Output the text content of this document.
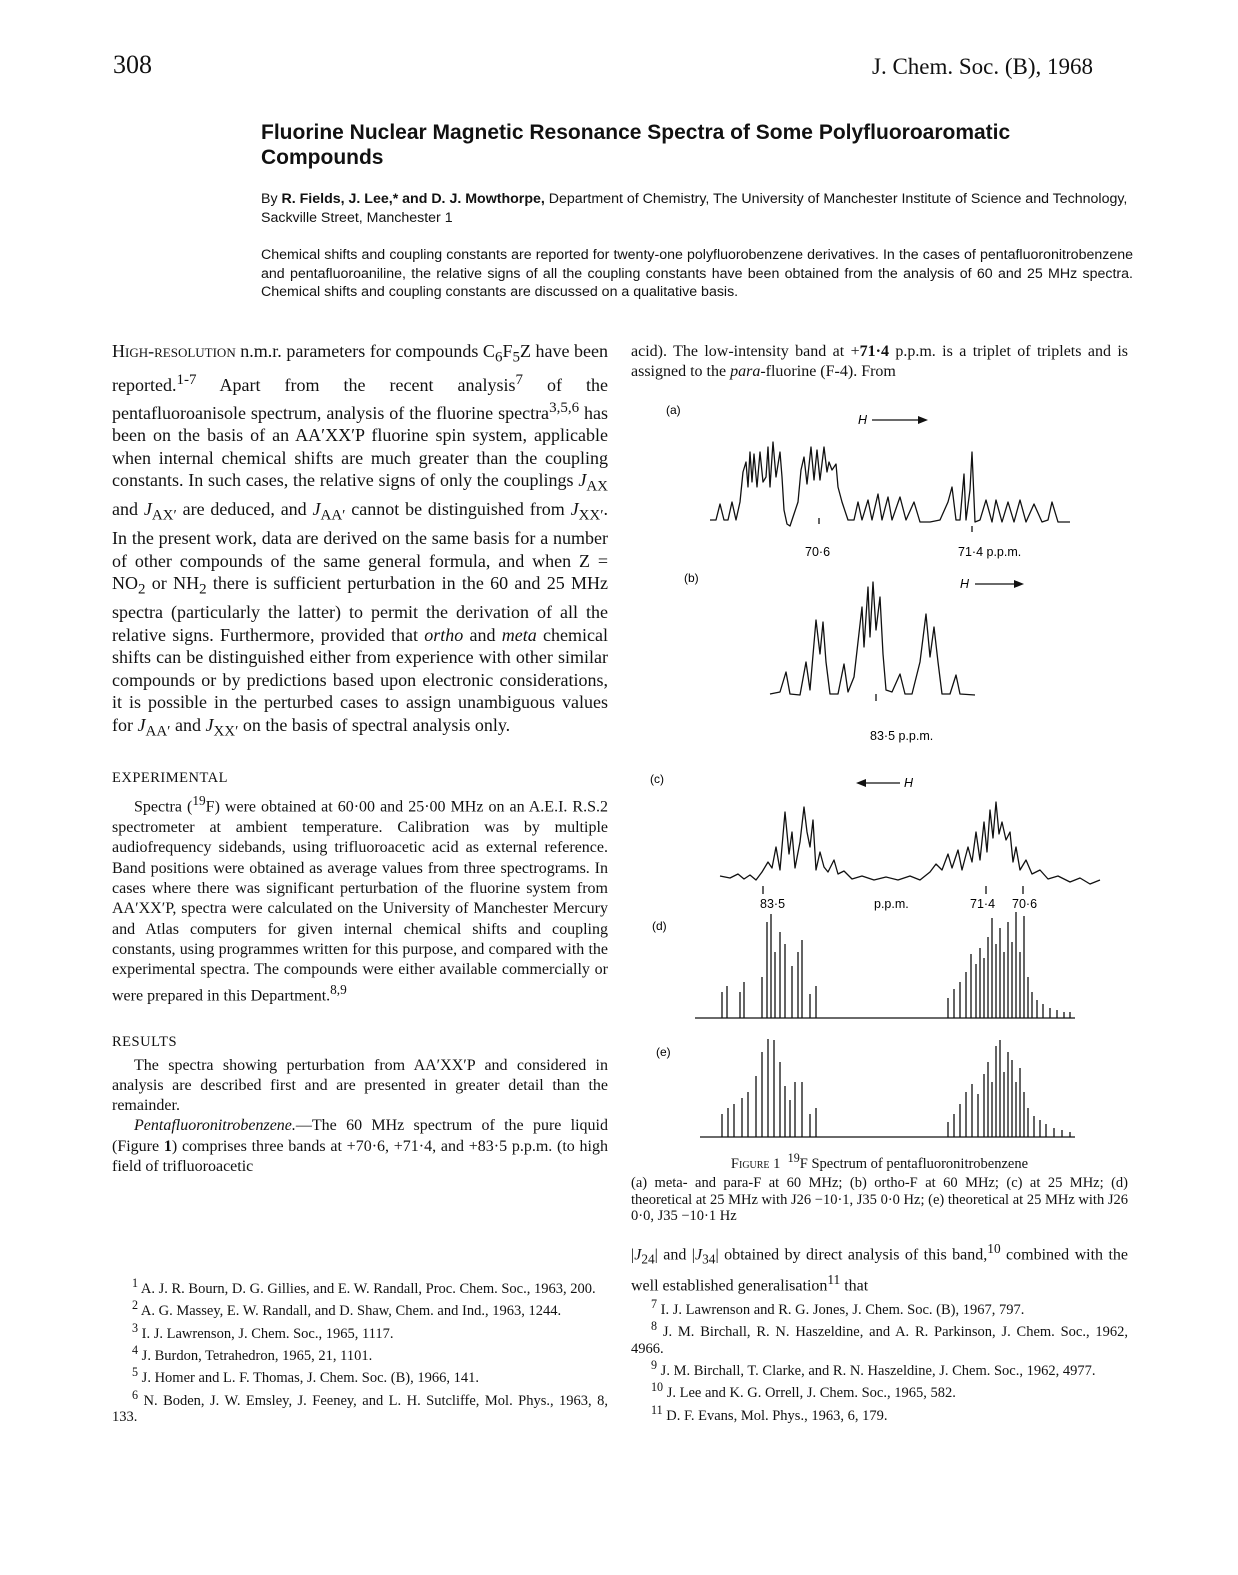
308	J. Chem. Soc. (B), 1968
Fluorine Nuclear Magnetic Resonance Spectra of Some Polyfluoroaromatic Compounds
By R. Fields, J. Lee,* and D. J. Mowthorpe, Department of Chemistry, The University of Manchester Institute of Science and Technology, Sackville Street, Manchester 1
Chemical shifts and coupling constants are reported for twenty-one polyfluorobenzene derivatives. In the cases of pentafluoronitrobenzene and pentafluoroaniline, the relative signs of all the coupling constants have been obtained from the analysis of 60 and 25 MHz spectra. Chemical shifts and coupling constants are discussed on a qualitative basis.

High-resolution n.m.r. parameters for compounds $C_6F_5Z$ have been reported.$^{1-7}$ Apart from the recent analysis$^7$ of the pentafluoroanisole spectrum, analysis of the fluorine spectra$^{3,5,6}$ has been on the basis of an AA′XX′P fluorine spin system, applicable when internal chemical shifts are much greater than the coupling constants. In such cases, the relative signs of only the couplings $J_{AX}$ and $J_{AX'}$ are deduced, and $J_{AA'}$ cannot be distinguished from $J_{XX'}$. In the present work, data are derived on the same basis for a number of other compounds of the same general formula, and when $Z = NO_2$ or $NH_2$ there is sufficient perturbation in the 60 and 25 MHz spectra (particularly the latter) to permit the derivation of all the relative signs. Furthermore, provided that ortho and meta chemical shifts can be distinguished either from experience with other similar compounds or by predictions based upon electronic considerations, it is possible in the perturbed cases to assign unambiguous values for $J_{AA'}$ and $J_{XX'}$ on the basis of spectral analysis only.

EXPERIMENTAL

Spectra ($^{19}$F) were obtained at 60·00 and 25·00 MHz on an A.E.I. R.S.2 spectrometer at ambient temperature. Calibration was by multiple audiofrequency sidebands, using trifluoroacetic acid as external reference. Band positions were obtained as average values from three spectrograms. In cases where there was significant perturbation of the fluorine system from AA′XX′P, spectra were calculated on the University of Manchester Mercury and Atlas computers for given internal chemical shifts and coupling constants, using programmes written for this purpose, and compared with the experimental spectra. The compounds were either available commercially or were prepared in this Department.$^{8,9}$

RESULTS

The spectra showing perturbation from AA′XX′P and considered in analysis are described first and are presented in greater detail than the remainder.

Pentafluoronitrobenzene.—The 60 MHz spectrum of the pure liquid (Figure 1) comprises three bands at +70·6, +71·4, and +83·5 p.p.m. (to high field of trifluoroacetic

$^1$ A. J. R. Bourn, D. G. Gillies, and E. W. Randall, Proc. Chem. Soc., 1963, 200.

$^2$ A. G. Massey, E. W. Randall, and D. Shaw, Chem. and Ind., 1963, 1244.

$^3$ I. J. Lawrenson, J. Chem. Soc., 1965, 1117.

$^4$ J. Burdon, Tetrahedron, 1965, 21, 1101.

$^5$ J. Homer and L. F. Thomas, J. Chem. Soc. (B), 1966, 141.

$^6$ N. Boden, J. W. Emsley, J. Feeney, and L. H. Sutcliffe, Mol. Phys., 1963, 8, 133.

acid). The low-intensity band at +71·4 p.p.m. is a triplet of triplets and is assigned to the para-fluorine (F-4). From

(a)
H
70·6	71·4 p.p.m.
(b)	H
83·5 p.p.m.
(c)	H
83·5	p.p.m.	71·4 70·6
(d)
(e)

Figure 1 $^{19}$F Spectrum of pentafluoronitrobenzene

(a) meta- and para-F at 60 MHz; (b) ortho-F at 60 MHz; (c) at 25 MHz; (d) theoretical at 25 MHz with J26 −10·1, J35 0·0 Hz; (e) theoretical at 25 MHz with J26 0·0, J35 −10·1 Hz

$|J_{24}|$ and $|J_{34}|$ obtained by direct analysis of this band,$^{10}$ combined with the well established generalisation$^{11}$ that

$^7$ I. J. Lawrenson and R. G. Jones, J. Chem. Soc. (B), 1967, 797.

$^8$ J. M. Birchall, R. N. Haszeldine, and A. R. Parkinson, J. Chem. Soc., 1962, 4966.

$^9$ J. M. Birchall, T. Clarke, and R. N. Haszeldine, J. Chem. Soc., 1962, 4977.

$^{10}$ J. Lee and K. G. Orrell, J. Chem. Soc., 1965, 582.

$^{11}$ D. F. Evans, Mol. Phys., 1963, 6, 179.
